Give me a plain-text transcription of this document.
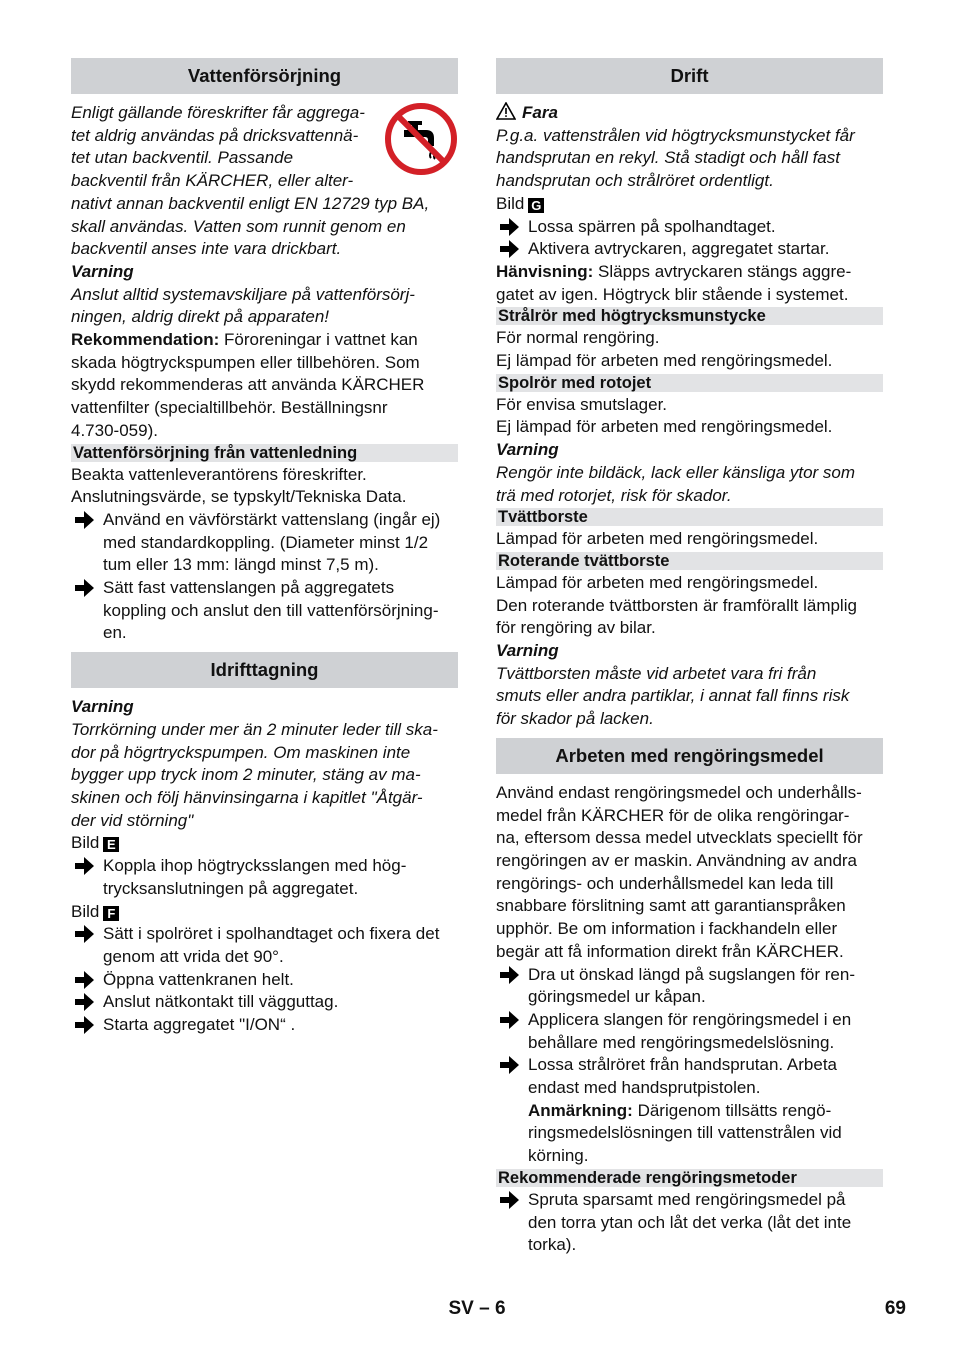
Vattenförsörjning

Enligt gällande föreskrifter får aggrega-

tet aldrig användas på dricksvattennä-

tet utan backventil. Passande

backventil från KÄRCHER, eller alter-

nativt annan backventil enligt EN 12729 typ BA,

skall användas. Vatten som runnit genom en

backventil anses inte vara drickbart.

Varning

Anslut alltid systemavskiljare på vattenförsörj-

ningen, aldrig direkt på apparaten!

Rekommendation: Föroreningar i vattnet kan

skada högtryckspumpen eller tillbehören. Som

skydd rekommenderas att använda KÄRCHER

vattenfilter (specialtillbehör. Beställningsnr

4.730-059).

Vattenförsörjning från vattenledning

Beakta vattenleverantörens föreskrifter.

Anslutningsvärde, se typskylt/Tekniska Data.

Använd en vävförstärkt vattenslang (ingår ej)

med standardkoppling. (Diameter minst 1/2

tum eller 13 mm: längd minst 7,5 m).

Sätt fast vattenslangen på aggregatets

koppling och anslut den till vattenförsörjning-

en.

Idrifttagning

Varning

Torrkörning under mer än 2 minuter leder till ska-

dor på högrtryckspumpen. Om maskinen inte

bygger upp tryck inom 2 minuter, stäng av ma-

skinen och följ hänvinsingarna i kapitlet "Åtgär-

der vid störning"

Bild E

Koppla ihop högtrycksslangen med hög-

trycksanslutningen på aggregatet.

Bild F

Sätt i spolröret i spolhandtaget och fixera det

genom att vrida det 90°.

Öppna vattenkranen helt.

Anslut nätkontakt till vägguttag.

Starta aggregatet "I/ON“ .

Drift

Fara

P.g.a. vattenstrålen vid högtrycksmunstycket får

handsprutan en rekyl. Stå stadigt och håll fast

handsprutan och strålröret ordentligt.

Bild G

Lossa spärren på spolhandtaget.

Aktivera avtryckaren, aggregatet startar.

Hänvisning: Släpps avtryckaren stängs aggre-

gatet av igen. Högtryck blir stående i systemet.

Strålrör med högtrycksmunstycke

För normal rengöring.

Ej lämpad för arbeten med rengöringsmedel.

Spolrör med rotojet

För envisa smutslager.

Ej lämpad för arbeten med rengöringsmedel.

Varning

Rengör inte bildäck, lack eller känsliga ytor som

trä med rotorjet, risk för skador.

Tvättborste

Lämpad för arbeten med rengöringsmedel.

Roterande tvättborste

Lämpad för arbeten med rengöringsmedel.

Den roterande tvättborsten är framförallt lämplig

för rengöring av bilar.

Varning

Tvättborsten måste vid arbetet vara fri från

smuts eller andra partiklar, i annat fall finns risk

för skador på lacken.

Arbeten med rengöringsmedel

Använd endast rengöringsmedel och underhålls-

medel från KÄRCHER för de olika rengöringar-

na, eftersom dessa medel utvecklats speciellt för

rengöringen av er maskin. Användning av andra

rengörings- och underhållsmedel kan leda till

snabbare förslitning samt att garantianspråken

upphör. Be om information i fackhandeln eller

begär att få information direkt från KÄRCHER.

Dra ut önskad längd på sugslangen för ren-

göringsmedel ur kåpan.

Applicera slangen för rengöringsmedel i en

behållare med rengöringsmedelslösning.

Lossa strålröret från handsprutan. Arbeta

endast med handsprutpistolen.

Anmärkning: Därigenom tillsätts rengö-

ringsmedelslösningen till vattenstrålen vid

körning.

Rekommenderade rengöringsmetoder

Spruta sparsamt med rengöringsmedel på

den torra ytan och låt det verka (låt det inte

torka).

SV – 6	69
